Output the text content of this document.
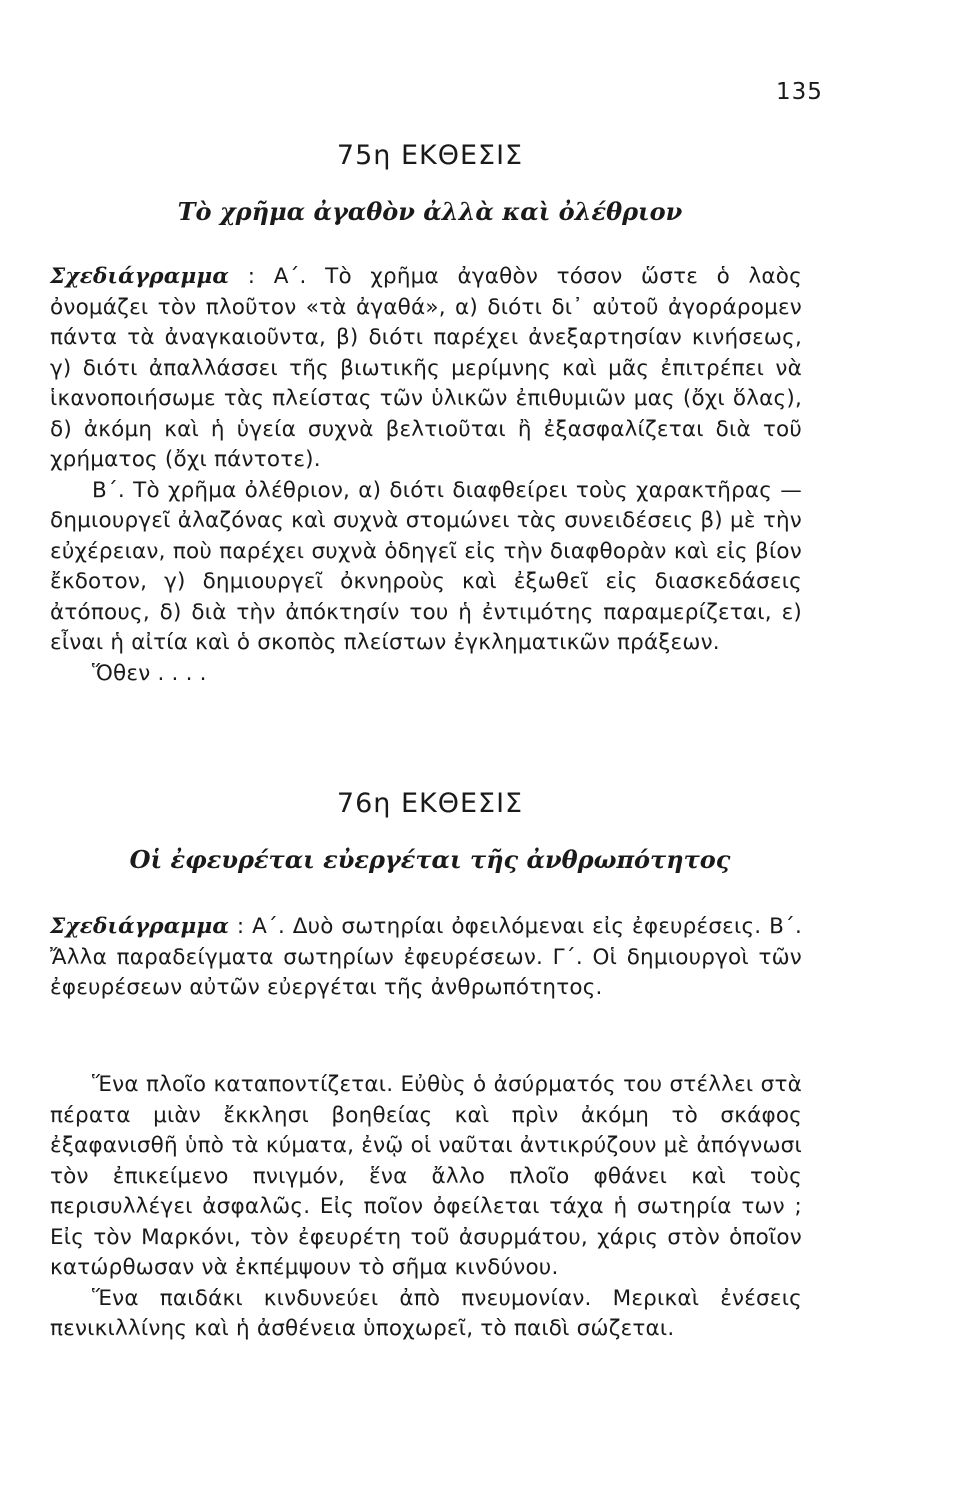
135
75η ΕΚΘΕΣΙΣ
Τὸ χρῆμα ἀγαθὸν ἀλλὰ καὶ ὀλέθριον

Σχεδιάγραμμα : Α΄. Τὸ χρῆμα ἀγαθὸν τόσον ὥστε ὁ λαὸς ὀνομάζει τὸν πλοῦτον «τὰ ἀγαθά», α) διότι δι᾿ αὐτοῦ ἀγοράρομεν πάντα τὰ ἀναγκαιοῦντα, β) διότι παρέχει ἀνεξαρτησίαν κινήσεως, γ) διότι ἀπαλλάσσει τῆς βιωτικῆς μερίμνης καὶ μᾶς ἐπιτρέπει νὰ ἱκανοποιήσωμε τὰς πλείστας τῶν ὑλικῶν ἐπιθυμιῶν μας (ὄχι ὅλας), δ) ἀκόμη καὶ ἡ ὑγεία συχνὰ βελτιοῦται ἢ ἐξασφαλίζεται διὰ τοῦ χρήματος (ὄχι πάντοτε).

Β΄. Τὸ χρῆμα ὀλέθριον, α) διότι διαφθείρει τοὺς χαρακτῆρας — δημιουργεῖ ἀλαζόνας καὶ συχνὰ στομώνει τὰς συνειδέσεις β) μὲ τὴν εὐχέρειαν, ποὺ παρέχει συχνὰ ὁδηγεῖ εἰς τὴν διαφθορὰν καὶ εἰς βίον ἔκδοτον, γ) δημιουργεῖ ὀκνηροὺς καὶ ἐξωθεῖ εἰς διασκεδάσεις ἀτόπους, δ) διὰ τὴν ἀπόκτησίν του ἡ ἐντιμότης παραμερίζεται, ε) εἶναι ἡ αἰτία καὶ ὁ σκοπὸς πλείστων ἐγκληματικῶν πράξεων.

Ὅθεν . . . .

76η ΕΚΘΕΣΙΣ
Οἱ ἐφευρέται εὐεργέται τῆς ἀνθρωπότητος

Σχεδιάγραμμα : Α΄. Δυὸ σωτηρίαι ὀφειλόμεναι εἰς ἐφευρέσεις. Β΄. Ἄλλα παραδείγματα σωτηρίων ἐφευρέσεων. Γ΄. Οἱ δημιουργοὶ τῶν ἐφευρέσεων αὐτῶν εὐεργέται τῆς ἀνθρωπότητος.

Ἕνα πλοῖο καταποντίζεται. Εὐθὺς ὁ ἀσύρματός του στέλλει στὰ πέρατα μιὰν ἔκκλησι βοηθείας καὶ πρὶν ἀκόμη τὸ σκάφος ἐξαφανισθῆ ὑπὸ τὰ κύματα, ἐνῷ οἱ ναῦται ἀντικρύζουν μὲ ἀπόγνωσι τὸν ἐπικείμενο πνιγμόν, ἕνα ἄλλο πλοῖο φθάνει καὶ τοὺς περισυλλέγει ἀσφαλῶς. Εἰς ποῖον ὀφείλεται τάχα ἡ σωτηρία των ; Εἰς τὸν Μαρκόνι, τὸν ἐφευρέτη τοῦ ἀσυρμάτου, χάρις στὸν ὁποῖον κατώρθωσαν νὰ ἐκπέμψουν τὸ σῆμα κινδύνου.

Ἕνα παιδάκι κινδυνεύει ἀπὸ πνευμονίαν. Μερικαὶ ἐνέσεις πενικιλλίνης καὶ ἡ ἀσθένεια ὑποχωρεῖ, τὸ παιδὶ σώζεται.
